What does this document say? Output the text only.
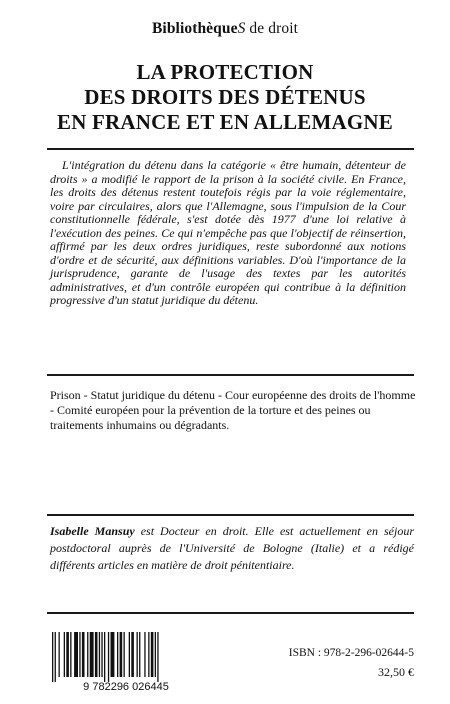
BibliothèqueS de droit
LA PROTECTION
DES DROITS DES DÉTENUS
EN FRANCE ET EN ALLEMAGNE
L'intégration du détenu dans la catégorie « être humain, détenteur de droits » a modifié le rapport de la prison à la société civile. En France, les droits des détenus restent toutefois régis par la voie réglementaire, voire par circulaires, alors que l'Allemagne, sous l'impulsion de la Cour constitutionnelle fédérale, s'est dotée dès 1977 d'une loi relative à l'exécution des peines. Ce qui n'empêche pas que l'objectif de réinsertion, affirmé par les deux ordres juridiques, reste subordonné aux notions d'ordre et de sécurité, aux définitions variables. D'où l'importance de la jurisprudence, garante de l'usage des textes par les autorités administratives, et d'un contrôle européen qui contribue à la définition progressive d'un statut juridique du détenu.
Prison - Statut juridique du détenu - Cour européenne des droits de l'homme - Comité européen pour la prévention de la torture et des peines ou traitements inhumains ou dégradants.
Isabelle Mansuy est Docteur en droit. Elle est actuellement en séjour postdoctoral auprès de l'Université de Bologne (Italie) et a rédigé différents articles en matière de droit pénitentiaire.
9 782296 026445
ISBN : 978-2-296-02644-5
32,50 €
